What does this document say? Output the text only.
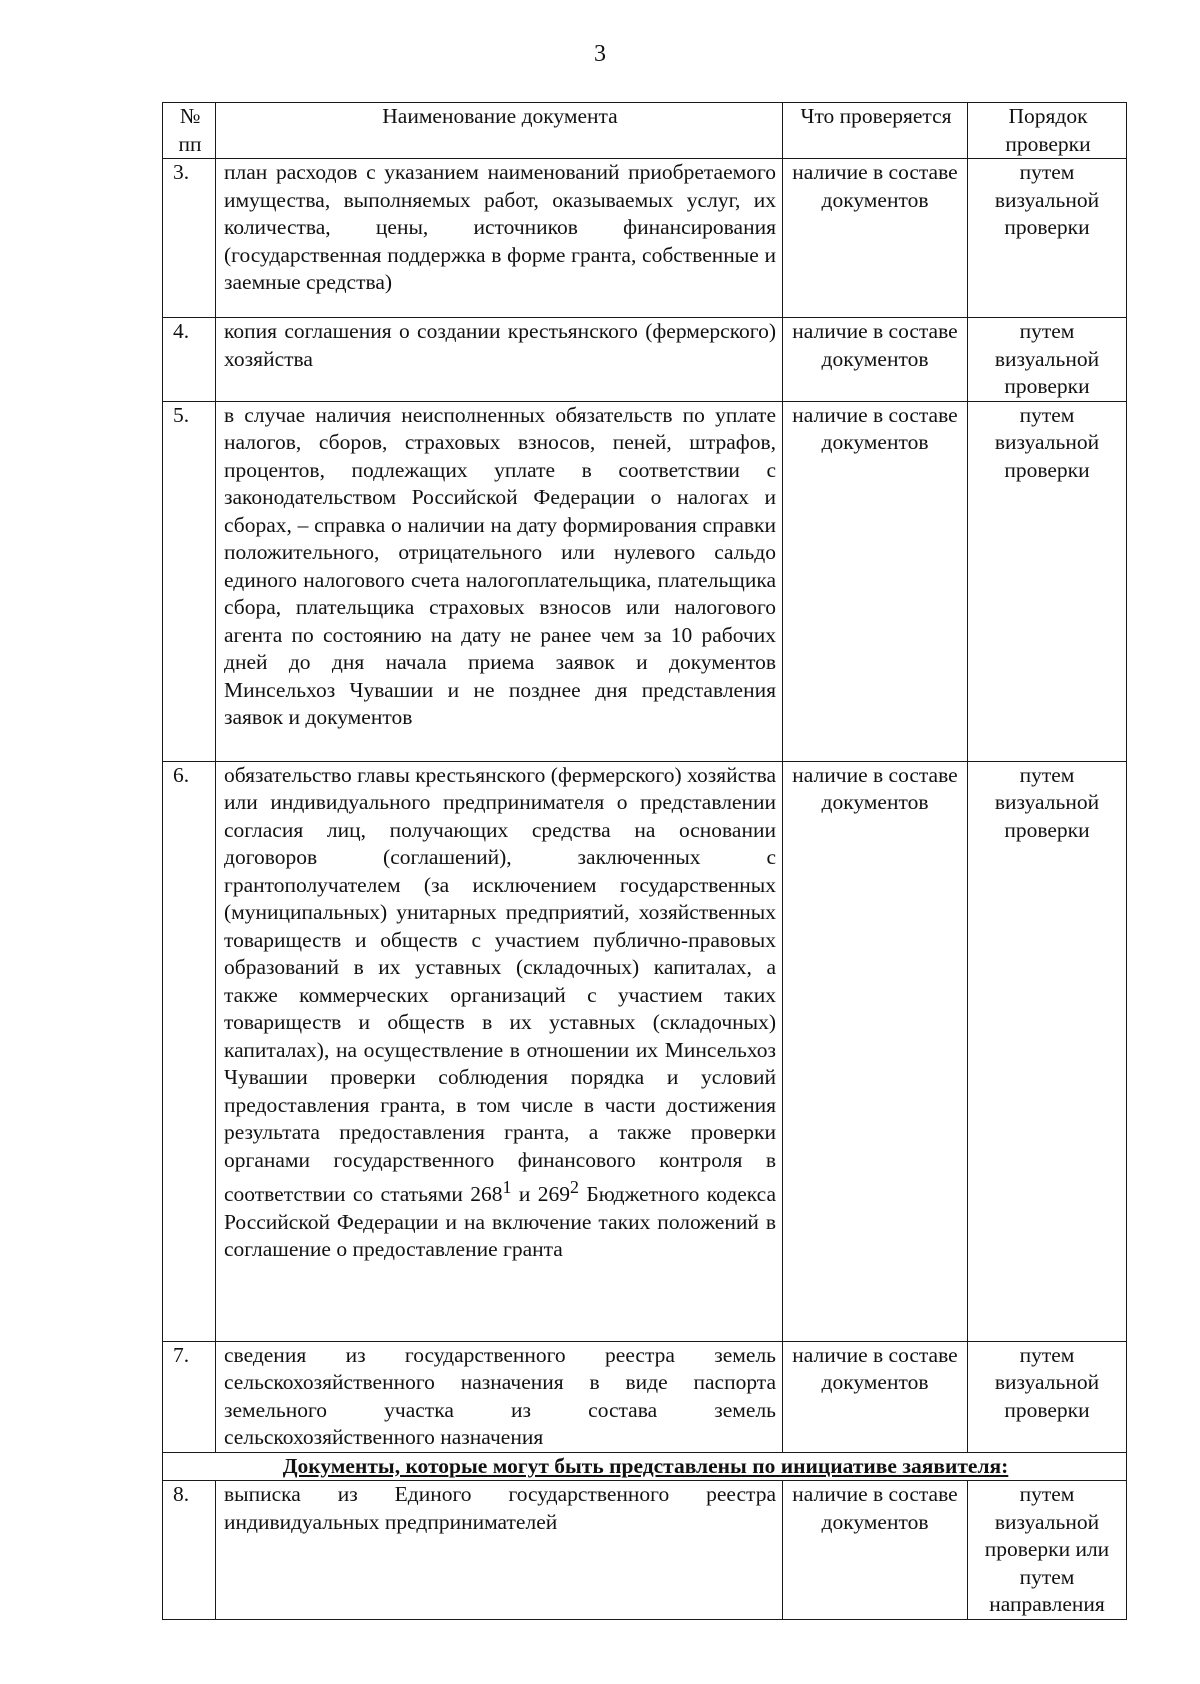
3
№ пп	Наименование документа	Что проверяется	Порядок проверки
3.	план расходов с указанием наименований приобретаемого имущества, выполняемых работ, оказываемых услуг, их количества, цены, источников финансирования (государственная поддержка в форме гранта, собственные и заемные средства)	наличие в составе документов	путем визуальной проверки
4.	копия соглашения о создании крестьянского (фермерского) хозяйства	наличие в составе документов	путем визуальной проверки
5.	в случае наличия неисполненных обязательств по уплате налогов, сборов, страховых взносов, пеней, штрафов, процентов, подлежащих уплате в соответствии с законодательством Российской Федерации о налогах и сборах, – справка о наличии на дату формирования справки положительного, отрицательного или нулевого сальдо единого налогового счета налогоплательщика, плательщика сбора, плательщика страховых взносов или налогового агента по состоянию на дату не ранее чем за 10 рабочих дней до дня начала приема заявок и документов Минсельхоз Чувашии и не позднее дня представления заявок и документов	наличие в составе документов	путем визуальной проверки
6.	обязательство главы крестьянского (фермерского) хозяйства или индивидуального предпринимателя о представлении согласия лиц, получающих средства на основании договоров (соглашений), заключенных с грантополучателем (за исключением государственных (муниципальных) унитарных предприятий, хозяйственных товариществ и обществ с участием публично-правовых образований в их уставных (складочных) капиталах, а также коммерческих организаций с участием таких товариществ и обществ в их уставных (складочных) капиталах), на осуществление в отношении их Минсельхоз Чувашии проверки соблюдения порядка и условий предоставления гранта, в том числе в части достижения результата предоставления гранта, а также проверки органами государственного финансового контроля в соответствии со статьями $268^1$ и $269^2$ Бюджетного кодекса Российской Федерации и на включение таких положений в соглашение о предоставление гранта	наличие в составе документов	путем визуальной проверки
7.	сведения из государственного реестра земель сельскохозяйственного назначения в виде паспорта земельного участка из состава земель сельскохозяйственного назначения	наличие в составе документов	путем визуальной проверки
Документы, которые могут быть представлены по инициативе заявителя:			
8.	выписка из Единого государственного реестра индивидуальных предпринимателей	наличие в составе документов	путем визуальной проверки или путем направления
